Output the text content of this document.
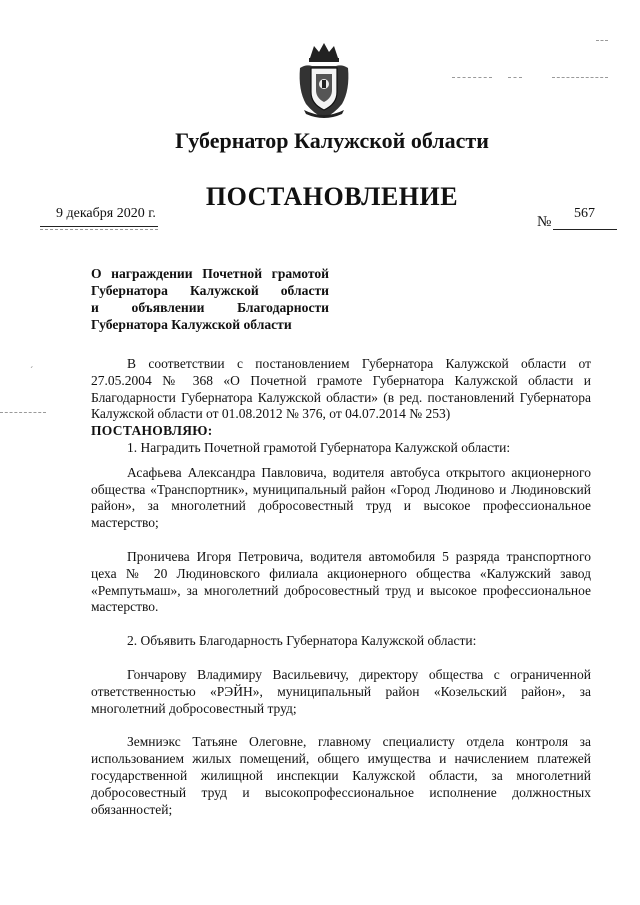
Губернатор Калужской области
ПОСТАНОВЛЕНИЕ
9 декабря 2020 г.
№
567
О награждении Почетной грамотой
Губернатора Калужской области
и объявлении Благодарности
Губернатора Калужской области

В соответствии с постановлением Губернатора Калужской области от 27.05.2004 № 368 «О Почетной грамоте Губернатора Калужской области и Благодарности Губернатора Калужской области» (в ред. постановлений Губернатора Калужской области от 01.08.2012 № 376, от 04.07.2014 № 253)

ПОСТАНОВЛЯЮ:

1. Наградить Почетной грамотой Губернатора Калужской области:

Асафьева Александра Павловича, водителя автобуса открытого акционерного общества «Транспортник», муниципальный район «Город Людиново и Людиновский район», за многолетний добросовестный труд и высокое профессиональное мастерство;

Проничева Игоря Петровича, водителя автомобиля 5 разряда транспортного цеха № 20 Людиновского филиала акционерного общества «Калужский завод «Ремпутьмаш», за многолетний добросовестный труд и высокое профессиональное мастерство.

2. Объявить Благодарность Губернатора Калужской области:

Гончарову Владимиру Васильевичу, директору общества с ограниченной ответственностью «РЭЙН», муниципальный район «Козельский район», за многолетний добросовестный труд;

Земниэкс Татьяне Олеговне, главному специалисту отдела контроля за использованием жилых помещений, общего имущества и начислением платежей государственной жилищной инспекции Калужской области, за многолетний добросовестный труд и высокопрофессиональное исполнение должностных обязанностей;

ˊ
